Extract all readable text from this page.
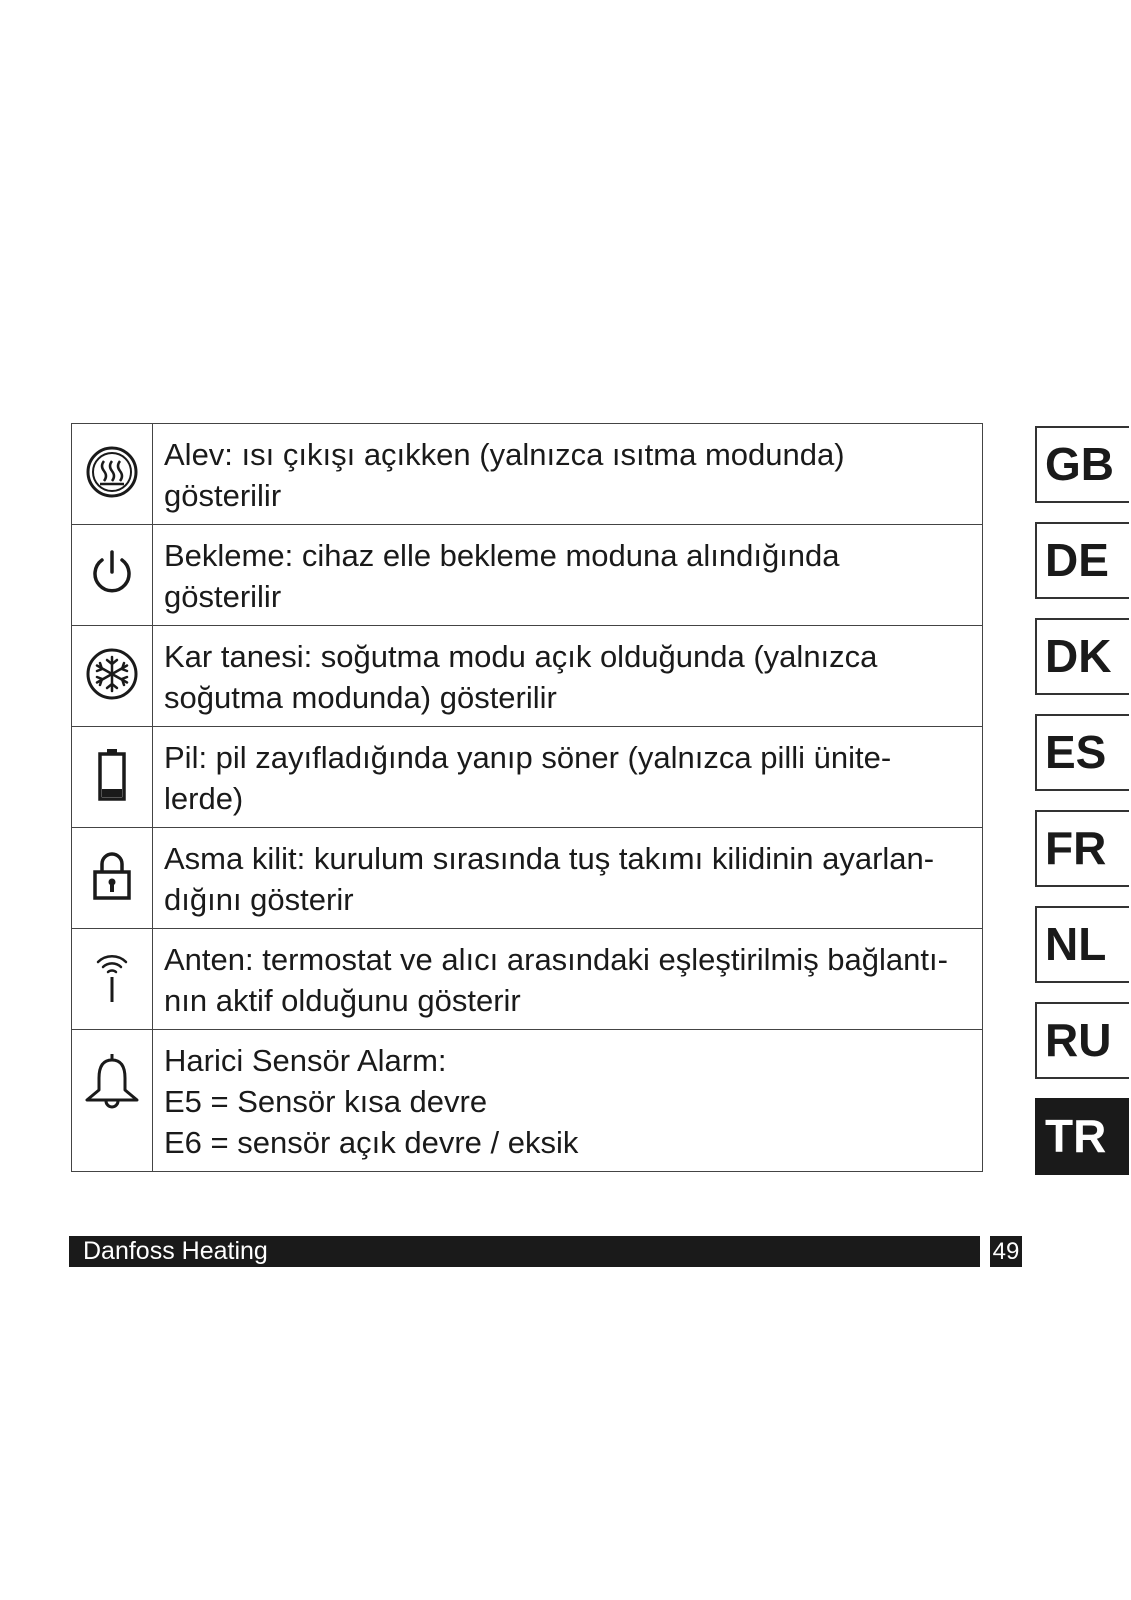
Alev: ısı çıkışı açıkken (yalnızca ısıtma modunda)
gösterilir

Bekleme: cihaz elle bekleme moduna alındığında
gösterilir

Kar tanesi: soğutma modu açık olduğunda (yalnızca
soğutma modunda) gösterilir

Pil: pil zayıfladığında yanıp söner (yalnızca pilli ünite-
lerde)

Asma kilit: kurulum sırasında tuş takımı kilidinin ayarlan-
dığını gösterir

Anten: termostat ve alıcı arasındaki eşleştirilmiş bağlantı-
nın aktif olduğunu gösterir

Harici Sensör Alarm:
E5 = Sensör kısa devre
E6 = sensör açık devre / eksik
GB
DE
DK
ES
FR
NL
RU
TR
Danfoss Heating	49
